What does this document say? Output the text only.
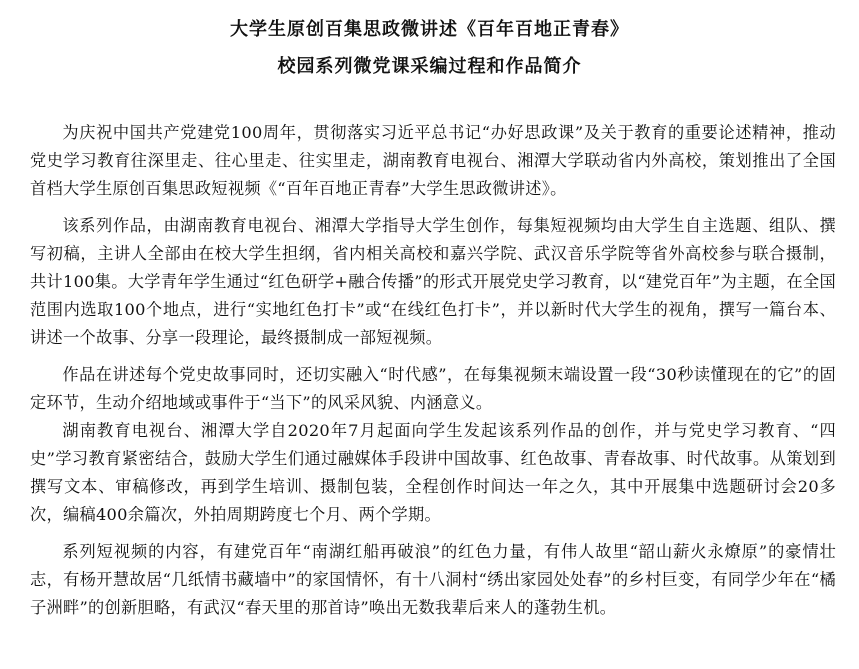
大学生原创百集思政微讲述《百年百地正青春》
校园系列微党课采编过程和作品简介

为庆祝中国共产党建党100周年，贯彻落实习近平总书记“办好思政课”及关于教育的重要论述精神，推动党史学习教育往深里走、往心里走、往实里走，湖南教育电视台、湘潭大学联动省内外高校，策划推出了全国首档大学生原创百集思政短视频《“百年百地正青春”大学生思政微讲述》。

该系列作品，由湖南教育电视台、湘潭大学指导大学生创作，每集短视频均由大学生自主选题、组队、撰写初稿，主讲人全部由在校大学生担纲，省内相关高校和嘉兴学院、武汉音乐学院等省外高校参与联合摄制，共计100集。大学青年学生通过“红色研学+融合传播”的形式开展党史学习教育，以“建党百年”为主题，在全国范围内选取100个地点，进行“实地红色打卡”或“在线红色打卡”，并以新时代大学生的视角，撰写一篇台本、讲述一个故事、分享一段理论，最终摄制成一部短视频。

作品在讲述每个党史故事同时，还切实融入“时代感”，在每集视频末端设置一段“30秒读懂现在的它”的固定环节，生动介绍地域或事件于“当下”的风采风貌、内涵意义。

湖南教育电视台、湘潭大学自2020年7月起面向学生发起该系列作品的创作，并与党史学习教育、“四史”学习教育紧密结合，鼓励大学生们通过融媒体手段讲中国故事、红色故事、青春故事、时代故事。从策划到撰写文本、审稿修改，再到学生培训、摄制包装，全程创作时间达一年之久，其中开展集中选题研讨会20多次，编稿400余篇次，外拍周期跨度七个月、两个学期。

系列短视频的内容，有建党百年“南湖红船再破浪”的红色力量，有伟人故里“韶山薪火永燎原”的豪情壮志，有杨开慧故居“几纸情书藏墙中”的家国情怀，有十八洞村“绣出家园处处春”的乡村巨变，有同学少年在“橘子洲畔”的创新胆略，有武汉“春天里的那首诗”唤出无数我辈后来人的蓬勃生机。
